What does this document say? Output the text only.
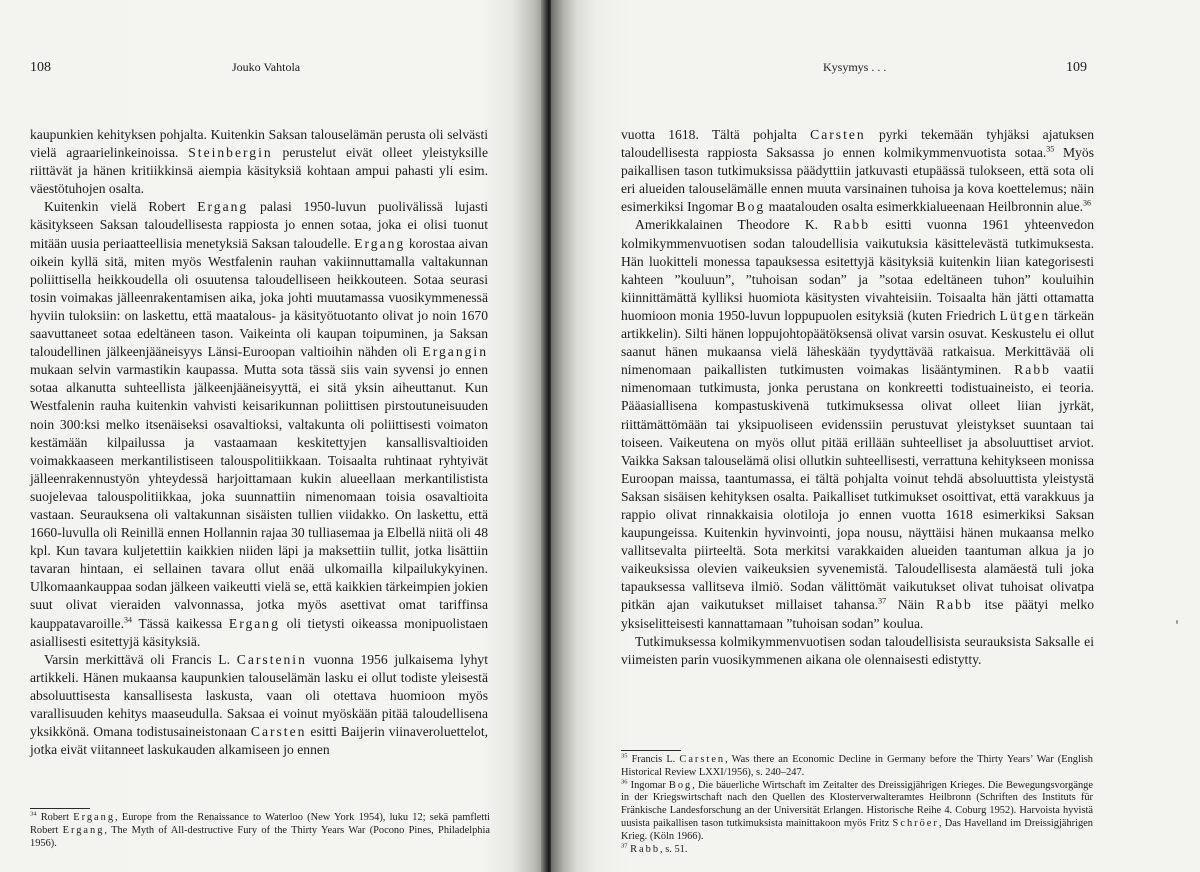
108	Jouko Vahtola

kaupunkien kehityksen pohjalta. Kuitenkin Saksan talouselämän perusta oli selvästi vielä agraarielinkeinoissa. Steinbergin perustelut eivät olleet yleistyksille riittävät ja hänen kritiikkinsä aiempia käsityksiä kohtaan ampui pahasti yli esim. väestötuhojen osalta.

Kuitenkin vielä Robert Ergang palasi 1950-luvun puolivälissä lujasti käsitykseen Saksan taloudellisesta rappiosta jo ennen sotaa, joka ei olisi tuonut mitään uusia periaatteellisia menetyksiä Saksan taloudelle. Ergang korostaa aivan oikein kyllä sitä, miten myös Westfalenin rauhan vakiinnuttamalla valtakunnan poliittisella heikkoudella oli osuutensa taloudelliseen heikkouteen. Sotaa seurasi tosin voimakas jälleenrakentamisen aika, joka johti muutamassa vuosikymmenessä hyviin tuloksiin: on laskettu, että maatalous- ja käsityötuotanto olivat jo noin 1670 saavuttaneet sotaa edeltäneen tason. Vaikeinta oli kaupan toipuminen, ja Saksan taloudellinen jälkeenjääneisyys Länsi-Euroopan valtioihin nähden oli Ergangin mukaan selvin varmastikin kaupassa. Mutta sota tässä siis vain syvensi jo ennen sotaa alkanutta suhteellista jälkeenjääneisyyttä, ei sitä yksin aiheuttanut. Kun Westfalenin rauha kuitenkin vahvisti keisarikunnan poliittisen pirstoutuneisuuden noin 300:ksi melko itsenäiseksi osavaltioksi, valtakunta oli poliittisesti voimaton kestämään kilpailussa ja vastaamaan keskitettyjen kansallisvaltioiden voimakkaaseen merkantilistiseen talouspolitiikkaan. Toisaalta ruhtinaat ryhtyivät jälleenrakennustyön yhteydessä harjoittamaan kukin alueellaan merkantilistista suojelevaa talouspolitiikkaa, joka suunnattiin nimenomaan toisia osavaltioita vastaan. Seurauksena oli valtakunnan sisäisten tullien viidakko. On laskettu, että 1660-luvulla oli Reinillä ennen Hollannin rajaa 30 tulliasemaa ja Elbellä niitä oli 48 kpl. Kun tavara kuljetettiin kaikkien niiden läpi ja maksettiin tullit, jotka lisättiin tavaran hintaan, ei sellainen tavara ollut enää ulkomailla kilpailukykyinen. Ulkomaankauppaa sodan jälkeen vaikeutti vielä se, että kaikkien tärkeimpien jokien suut olivat vieraiden valvonnassa, jotka myös asettivat omat tariffinsa kauppatavaroille.$^{34}$ Tässä kaikessa Ergang oli tietysti oikeassa monipuolistaen asiallisesti esitettyjä käsityksiä.

Varsin merkittävä oli Francis L. Carstenin vuonna 1956 julkaisema lyhyt artikkeli. Hänen mukaansa kaupunkien talouselämän lasku ei ollut todiste yleisestä absoluuttisesta kansallisesta laskusta, vaan oli otettava huomioon myös varallisuuden kehitys maaseudulla. Saksaa ei voinut myöskään pitää taloudellisena yksikkönä. Omana todistusaineistonaan Carsten esitti Baijerin viinaveroluettelot, jotka eivät viitanneet laskukauden alkamiseen jo ennen

$^{34}$ Robert Ergang, Europe from the Renaissance to Waterloo (New York 1954), luku 12; sekä pamfletti Robert Ergang, The Myth of All-destructive Fury of the Thirty Years War (Pocono Pines, Philadelphia 1956).

Kysymys . . .	109

vuotta 1618. Tältä pohjalta Carsten pyrki tekemään tyhjäksi ajatuksen taloudellisesta rappiosta Saksassa jo ennen kolmikymmenvuotista sotaa.$^{35}$ Myös paikallisen tason tutkimuksissa päädyttiin jatkuvasti etupäässä tulokseen, että sota oli eri alueiden talouselämälle ennen muuta varsinainen tuhoisa ja kova koettelemus; näin esimerkiksi Ingomar Bog maatalouden osalta esimerkkialueenaan Heilbronnin alue.$^{36}$

Amerikkalainen Theodore K. Rabb esitti vuonna 1961 yhteenvedon kolmikymmenvuotisen sodan taloudellisia vaikutuksia käsittelevästä tutkimuksesta. Hän luokitteli monessa tapauksessa esitettyjä käsityksiä kuitenkin liian kategorisesti kahteen ”kouluun”, ”tuhoisan sodan” ja ”sotaa edeltäneen tuhon” kouluihin kiinnittämättä kylliksi huomiota käsitysten vivahteisiin. Toisaalta hän jätti ottamatta huomioon monia 1950-luvun loppupuolen esityksiä (kuten Friedrich Lütgen tärkeän artikkelin). Silti hänen loppujohtopäätöksensä olivat varsin osuvat. Keskustelu ei ollut saanut hänen mukaansa vielä läheskään tyydyttävää ratkaisua. Merkittävää oli nimenomaan paikallisten tutkimusten voimakas lisääntyminen. Rabb vaatii nimenomaan tutkimusta, jonka perustana on konkreetti todistuaineisto, ei teoria. Pääasiallisena kompastuskivenä tutkimuksessa olivat olleet liian jyrkät, riittämättömään tai yksipuoliseen evidenssiin perustuvat yleistykset suuntaan tai toiseen. Vaikeutena on myös ollut pitää erillään suhteelliset ja absoluuttiset arviot. Vaikka Saksan talouselämä olisi ollutkin suhteellisesti, verrattuna kehitykseen monissa Euroopan maissa, taantumassa, ei tältä pohjalta voinut tehdä absoluuttista yleistystä Saksan sisäisen kehityksen osalta. Paikalliset tutkimukset osoittivat, että varakkuus ja rappio olivat rinnakkaisia olotiloja jo ennen vuotta 1618 esimerkiksi Saksan kaupungeissa. Kuitenkin hyvinvointi, jopa nousu, näyttäisi hänen mukaansa melko vallitsevalta piirteeltä. Sota merkitsi varakkaiden alueiden taantuman alkua ja jo vaikeuksissa olevien vaikeuksien syvenemistä. Taloudellisesta alamäestä tuli joka tapauksessa vallitseva ilmiö. Sodan välittömät vaikutukset olivat tuhoisat olivatpa pitkän ajan vaikutukset millaiset tahansa.$^{37}$ Näin Rabb itse päätyi melko yksiselitteisesti kannattamaan ”tuhoisan sodan” koulua.

Tutkimuksessa kolmikymmenvuotisen sodan taloudellisista seurauksista Saksalle ei viimeisten parin vuosikymmenen aikana ole olennaisesti edistytty.

$^{35}$ Francis L. Carsten, Was there an Economic Decline in Germany before the Thirty Years’ War (English Historical Review LXXI/1956), s. 240–247.

$^{36}$ Ingomar Bog, Die bäuerliche Wirtschaft im Zeitalter des Dreissigjährigen Krieges. Die Bewegungsvorgänge in der Kriegswirtschaft nach den Quellen des Klosterverwalteramtes Heilbronn (Schriften des Instituts für Fränkische Landesforschung an der Universität Erlangen. Historische Reihe 4. Coburg 1952). Harvoista hyvistä uusista paikallisen tason tutkimuksista mainittakoon myös Fritz Schröer, Das Havelland im Dreissigjährigen Krieg. (Köln 1966).

$^{37}$ Rabb, s. 51.
